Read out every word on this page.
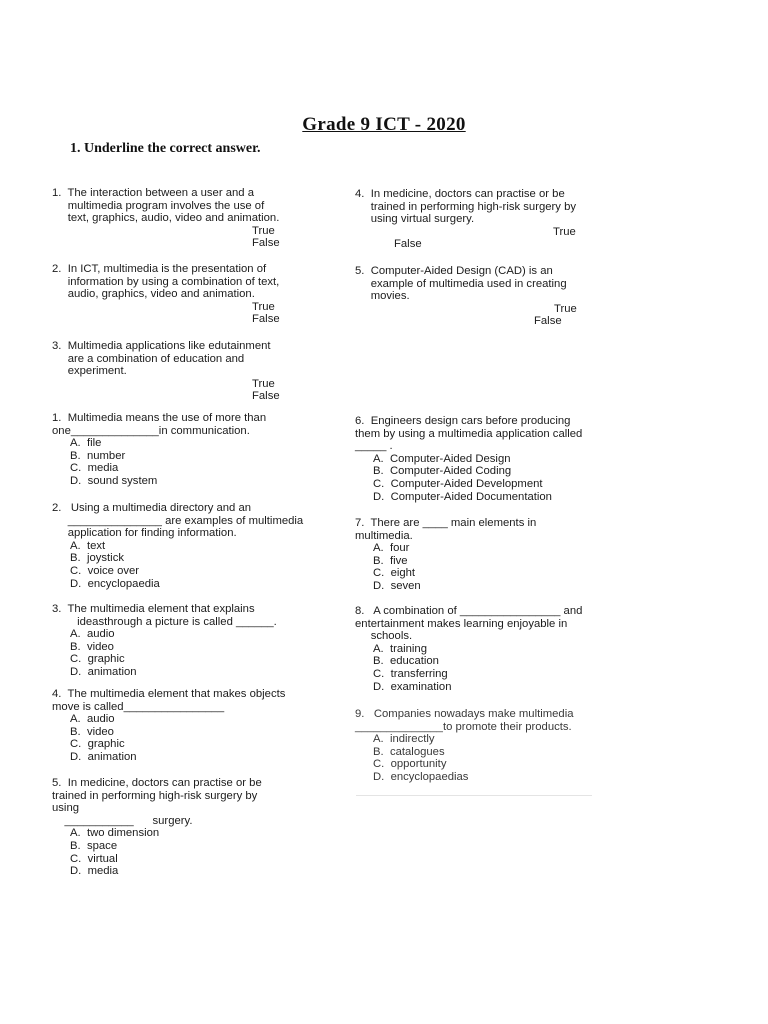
Grade 9 ICT - 2020
1. Underline the correct answer.

1.  The interaction between a user and a
multimedia program involves the use of
text, graphics, audio, video and animation.

True

False

2.  In ICT, multimedia is the presentation of
information by using a combination of text,
audio, graphics, video and animation.

True

False

3.  Multimedia applications like edutainment
are a combination of education and
experiment.

True

False

4.  In medicine, doctors can practise or be
trained in performing high-risk surgery by
using virtual surgery.

True

False

5.  Computer-Aided Design (CAD) is an
example of multimedia used in creating
movies.

True

False

1.  Multimedia means the use of more than
one______________in communication.

A.  file
B.  number
C.  media
D.  sound system

2.   Using a multimedia directory and an
_______________ are examples of multimedia
application for finding information.

A.  text
B.  joystick
C.  voice over
D.  encyclopaedia

3.  The multimedia element that explains
ideasthrough a picture is called ______.

A.  audio
B.  video
C.  graphic
D.  animation

4.  The multimedia element that makes objects
move is called________________

A.  audio
B.  video
C.  graphic
D.  animation

5.  In medicine, doctors can practise or be
trained in performing high-risk surgery by
using
___________      surgery.

A.  two dimension
B.  space
C.  virtual
D.  media

6.  Engineers design cars before producing
them by using a multimedia application called
_____ .

A.  Computer-Aided Design
B.  Computer-Aided Coding
C.  Computer-Aided Development
D.  Computer-Aided Documentation

7.  There are ____ main elements in
multimedia.

A.  four
B.  five
C.  eight
D.  seven

8.   A combination of ________________ and
entertainment makes learning enjoyable in
schools.

A.  training
B.  education
C.  transferring
D.  examination

9.   Companies nowadays make multimedia
______________to promote their products.

A.  indirectly
B.  catalogues
C.  opportunity
D.  encyclopaedias
